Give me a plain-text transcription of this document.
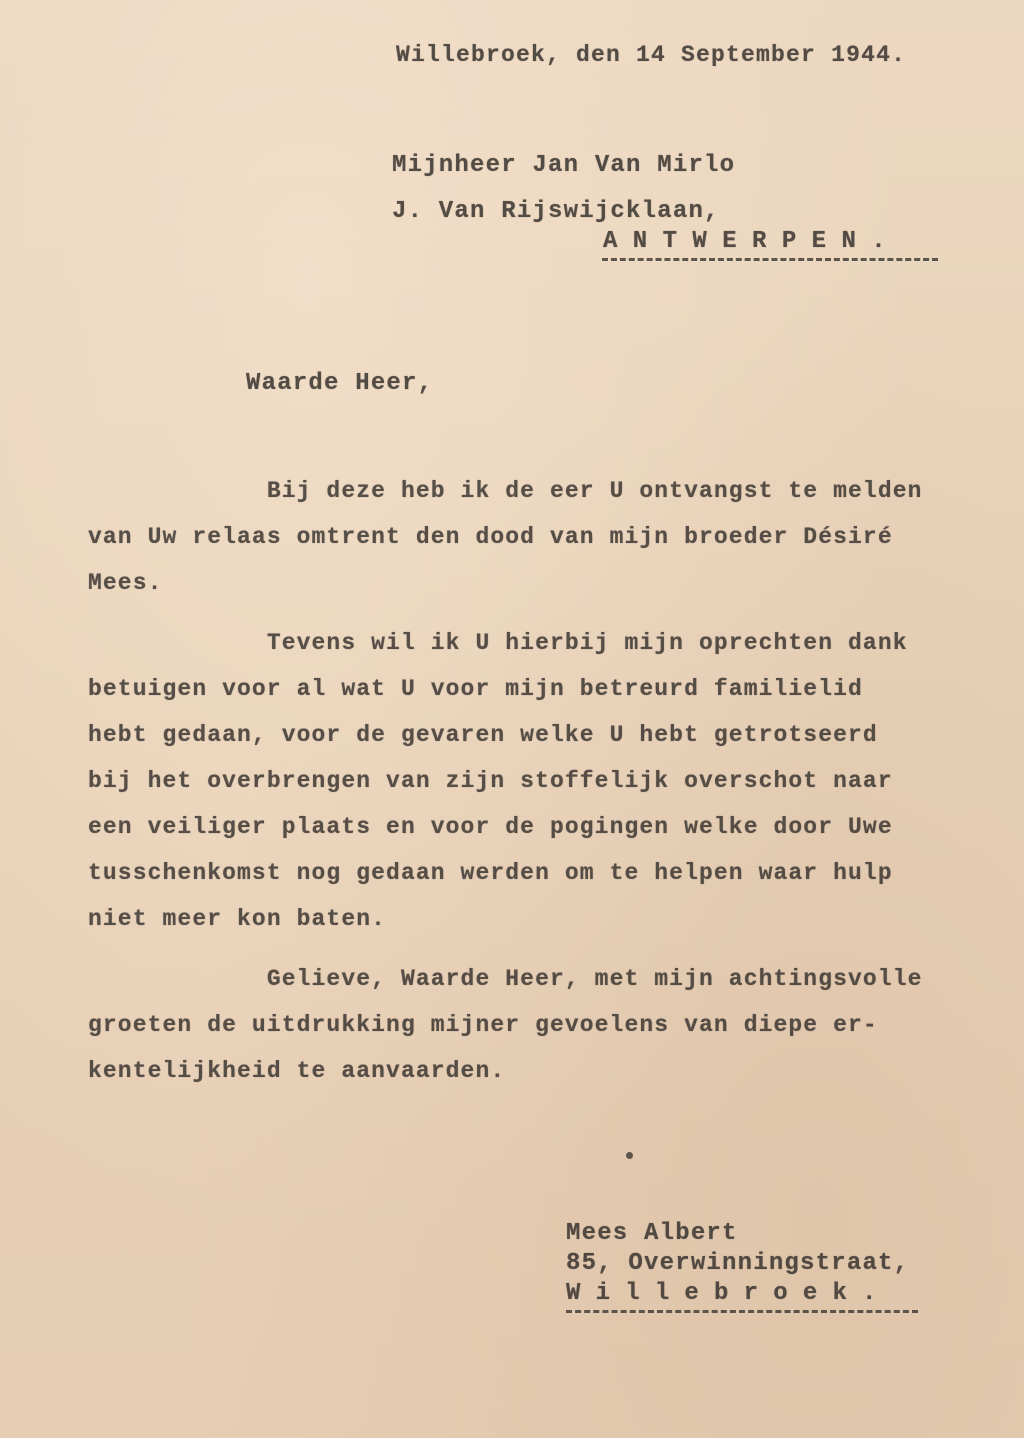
Willebroek, den 14 September 1944.
Mijnheer Jan Van Mirlo
J. Van Rijswijcklaan,
A N T W E R P E N .
Waarde Heer,
Bij deze heb ik de eer U ontvangst te melden
van Uw relaas omtrent den dood van mijn broeder Désiré
Mees.
Tevens wil ik U hierbij mijn oprechten dank
betuigen voor al wat U voor mijn betreurd familielid
hebt gedaan, voor de gevaren welke U hebt getrotseerd
bij het overbrengen van zijn stoffelijk overschot naar
een veiliger plaats en voor de pogingen welke door Uwe
tusschenkomst nog gedaan werden om te helpen waar hulp
niet meer kon baten.
Gelieve, Waarde Heer, met mijn achtingsvolle
groeten de uitdrukking mijner gevoelens van diepe er-
kentelijkheid te aanvaarden.
Mees Albert
85, Overwinningstraat,
W i l l e b r o e k .
